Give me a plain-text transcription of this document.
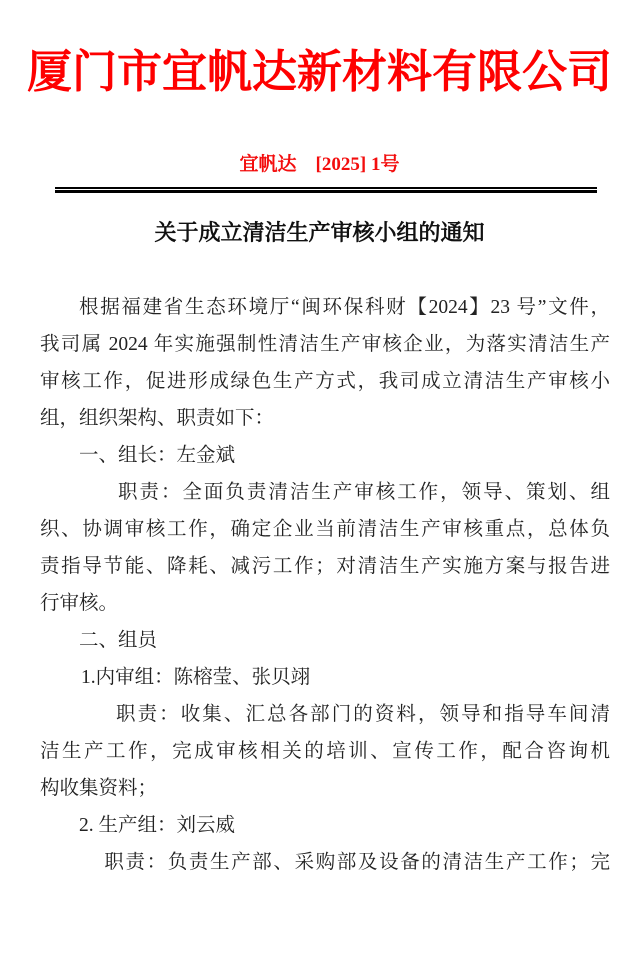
厦门市宜帆达新材料有限公司
宜帆达　[2025] 1号
关于成立清洁生产审核小组的通知
根据福建省生态环境厅“闽环保科财【2024】23 号”文件，
我司属 2024 年实施强制性清洁生产审核企业，为落实清洁生产
审核工作，促进形成绿色生产方式，我司成立清洁生产审核小
组，组织架构、职责如下：
一、组长：左金斌
职责：全面负责清洁生产审核工作，领导、策划、组
织、协调审核工作，确定企业当前清洁生产审核重点，总体负
责指导节能、降耗、减污工作；对清洁生产实施方案与报告进
行审核。
二、组员
1.内审组：陈榕莹、张贝翊
职责：收集、汇总各部门的资料，领导和指导车间清
洁生产工作，完成审核相关的培训、宣传工作，配合咨询机
构收集资料；
2. 生产组：刘云威
职责：负责生产部、采购部及设备的清洁生产工作；完
